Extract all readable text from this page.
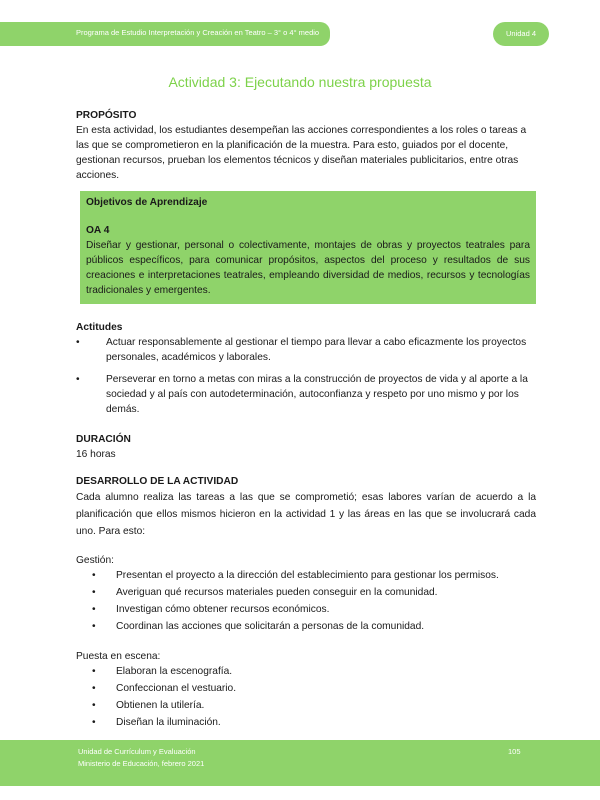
Programa de Estudio Interpretación y Creación en Teatro – 3° o 4° medio	Unidad 4
Actividad 3: Ejecutando nuestra propuesta

PROPÓSITO

En esta actividad, los estudiantes desempeñan las acciones correspondientes a los roles o tareas a las que se comprometieron en la planificación de la muestra. Para esto, guiados por el docente, gestionan recursos, prueban los elementos técnicos y diseñan materiales publicitarios, entre otras acciones.

Objetivos de Aprendizaje

OA 4

Diseñar y gestionar, personal o colectivamente, montajes de obras y proyectos teatrales para públicos específicos, para comunicar propósitos, aspectos del proceso y resultados de sus creaciones e interpretaciones teatrales, empleando diversidad de medios, recursos y tecnologías tradicionales y emergentes.

Actitudes

• Actuar responsablemente al gestionar el tiempo para llevar a cabo eficazmente los proyectos personales, académicos y laborales.
• Perseverar en torno a metas con miras a la construcción de proyectos de vida y al aporte a la sociedad y al país con autodeterminación, autoconfianza y respeto por uno mismo y por los demás.

DURACIÓN

16 horas

DESARROLLO DE LA ACTIVIDAD

Cada alumno realiza las tareas a las que se comprometió; esas labores varían de acuerdo a la planificación que ellos mismos hicieron en la actividad 1 y las áreas en las que se involucrará cada uno. Para esto:

Gestión:

• Presentan el proyecto a la dirección del establecimiento para gestionar los permisos.
• Averiguan qué recursos materiales pueden conseguir en la comunidad.
• Investigan cómo obtener recursos económicos.
• Coordinan las acciones que solicitarán a personas de la comunidad.

Puesta en escena:

• Elaboran la escenografía.
• Confeccionan el vestuario.
• Obtienen la utilería.
• Diseñan la iluminación.
Unidad de Currículum y Evaluación
Ministerio de Educación, febrero 2021
105
